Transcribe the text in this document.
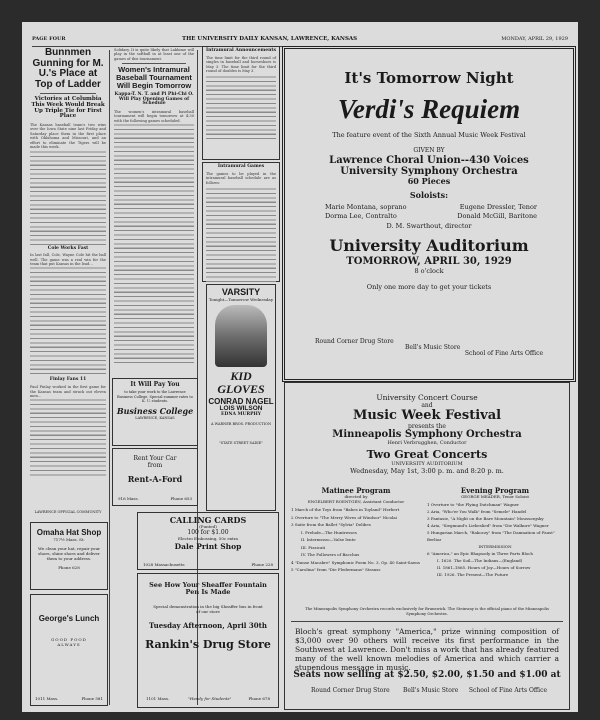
PAGE FOUR	THE UNIVERSITY DAILY KANSAN, LAWRENCE, KANSAS	MONDAY, APRIL 29, 1929
Bunnmen Gunning for M. U.'s Place at Top of Ladder
Victories at Columbia This Week Would Break Up Triple Tie for First Place
The Kansas baseball team's two wins over the Iowa State nine last Friday and Saturday place them in the first place with Oklahoma and Missouri, and an effort to eliminate the Tigers will be made this week.
Cole Works Fast
In last fall, Cole, Wayne Cole hit the ball well. The game was a real win for the team that put Kansas in the lead...
Finlay Fans 11
Paul Finlay worked in the first game for the Kansas team and struck out eleven men...
LAWRENCE OFFICIAL COMMUNITY
Omaha Hat Shop
717½ Mass. St.
We clean your hat, repair your shoes, shine shoes and deliver them to your address.
Phone 628
George's Lunch
GOOD FOOD ALWAYS
1011 Mass.	Phone 581
Solidary. It is quite likely that Lakhime will play in the softball in at least one of the games of this tournament.
Women's Intramural Baseball Tournament Will Begin Tomorrow
Kappa-T. N. T. and Pi Phi-Chi O. Will Play Opening Games of Schedule
The women's intramural baseball tournament will begin tomorrow at 4:30 with the following games scheduled.
It Will Pay You
to take your work to the Lawrence Business College. Special summer rates to K. U. students.
Business College
LAWRENCE, KANSAS
Rent Your Car
from
Rent-A-Ford
916 Mass.	Phone 653
Intramural Announcements
The time limit for the third round of singles in baseball and horseshoes is May 3. The time limit for the third round of doubles is May 3.
Intramural Games
The games to be played in the intramural baseball schedule are as follows:
VARSITY
Tonight—Tomorrow Wednesday
KID GLOVES
CONRAD NAGEL
LOIS WILSON
EDNA MURPHY
A WARNER BROS. PRODUCTION
"STATE STREET SADIE"
CALLING CARDS
(Punted)
100 for $1.00
Electro Embossing, 50c extra
Dale Print Shop
1028 Massachusetts	Phone 228
See How Your Sheaffer Fountain
Pen Is Made
Special demonstration in the big Sheaffer bus in front of our store
Tuesday Afternoon, April 30th
Rankin's Drug Store
1101 Mass.	"Handy for Students"	Phone 678
It's Tomorrow Night
Verdi's Requiem
The feature event of the Sixth Annual Music Week Festival
GIVEN BY
Lawrence Choral Union--430 Voices
University Symphony Orchestra
60 Pieces
Soloists:
Marie Montana, soprano	Eugene Dressler, Tenor
Dorma Lee, Contralto	Donald McGill, Baritone
D. M. Swarthout, director
University Auditorium
TOMORROW, APRIL 30, 1929
8 o'clock
Only one more day to get your tickets
Round Corner Drug Store
Bell's Music Store
School of Fine Arts Office
University Concert Course
and
Music Week Festival
presents the
Minneapolis Symphony Orchestra
Henri Verbrugghen, Conductor
Two Great Concerts
UNIVERSITY AUDITORIUM
Wednesday, May 1st, 3:00 p. m. and 8:20 p. m.
Matinee Program
directed by
ENGELBERT ROENTGEN, Assistant Conductor
1 March of the Toys from "Babes in Toyland" Herbert
2 Overture to "The Merry Wives of Windsor" Nicolai
3 Suite from the Ballet "Sylvia" Delibes
I. Prelude—The Huntresses
II. Intermezzo—Valse lente
III. Pizzicati
IV. The Followers of Bacchus
4 "Danse Macabre" Symphonic Poem No. 3, Op. 40 Saint-Saens
5 "Carolina" from "Die Fledermaus" Strauss
Evening Program
GEORGE MEADER, Tenor Soloist
1 Overture to "the Flying Dutchman" Wagner
2 Aria, "Who'er You Walk" from "Semele" Handel
3 Fantasie, "A Night on the Bare Mountain" Moussorgsky
4 Aria, "Siegmund's Liebeslied" from "Die Walkure" Wagner
5 Hungarian March, "Rakoczy" from "The Damnation of Faust" Berlioz
INTERMISSION
6 "America," an Epic Rhapsody in Three Parts Bloch
I. 1620. The Soil—The Indians—(England)
II. 1861–1865. Hours of Joy—Hours of Sorrow
III. 1926. The Present—The Future
The Minneapolis Symphony Orchestra records exclusively for Brunswick. The Steinway is the official piano of the Minneapolis Symphony Orchestra.
Bloch's great symphony "America," prize winning composition of $3,000 over 90 others will receive its first performance in the Southwest at Lawrence. Don't miss a work that has already featured many of the well known melodies of America and which carrier a stupendous message in music.
Seats now selling at $2.50, $2.00, $1.50 and $1.00 at
Round Corner Drug Store Bell's Music Store School of Fine Arts Office
